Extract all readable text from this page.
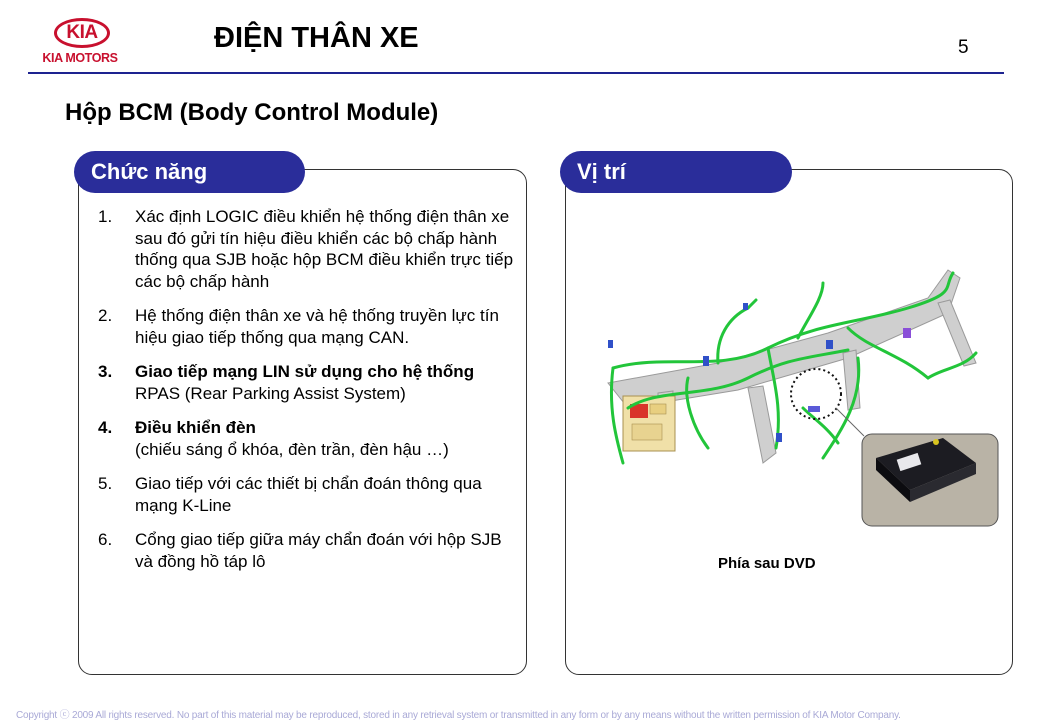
KIA
KIA MOTORS
ĐIỆN THÂN XE	5
Hộp BCM (Body Control Module)
Chức năng
1. Xác định LOGIC điều khiển hệ thống điện thân xe sau đó gửi tín hiệu điều khiển các bộ chấp hành thống qua SJB hoặc hộp BCM điều khiển trực tiếp các bộ chấp hành
2. Hệ thống điện thân xe và hệ thống truyền lực tín hiệu giao tiếp thống qua mạng CAN.
3. Giao tiếp mạng LIN sử dụng cho hệ thống
RPAS (Rear Parking Assist System)
4. Điều khiển đèn
(chiếu sáng ổ khóa, đèn trần, đèn hậu …)
5. Giao tiếp với các thiết bị chẩn đoán thông qua mạng K-Line
6. Cổng giao tiếp giữa máy chẩn đoán với hộp SJB và đồng hồ táp lô
Vị trí
Phía sau DVD
Copyright ⓒ 2009 All rights reserved. No part of this material may be reproduced, stored in any retrieval system or transmitted in any form or by any means without the written permission of KIA Motor Company.
